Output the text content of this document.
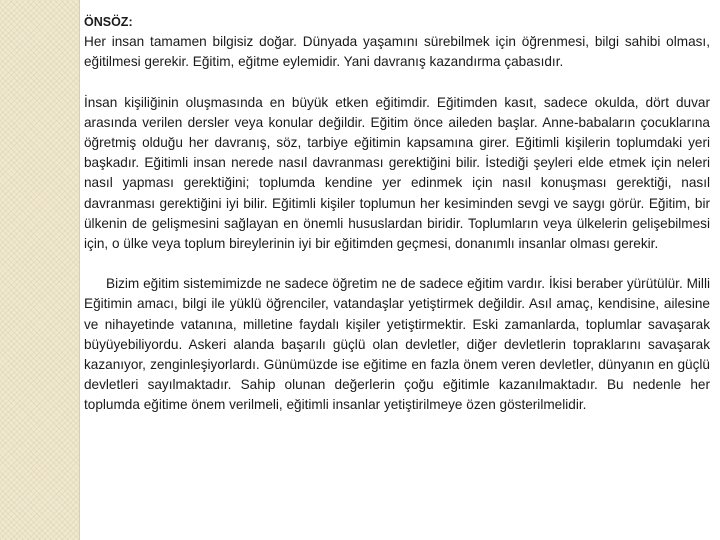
ÖNSÖZ:

Her insan tamamen bilgisiz doğar. Dünyada yaşamını sürebilmek için öğrenmesi, bilgi sahibi olması, eğitilmesi gerekir. Eğitim, eğitme eylemidir. Yani davranış kazandırma çabasıdır.

İnsan kişiliğinin oluşmasında en büyük etken eğitimdir. Eğitimden kasıt, sadece okulda, dört duvar arasında verilen dersler veya konular değildir. Eğitim önce aileden başlar. Anne-babaların çocuklarına öğretmiş olduğu her davranış, söz, tarbiye eğitimin kapsamına girer. Eğitimli kişilerin toplumdaki yeri başkadır. Eğitimli insan nerede nasıl davranması gerektiğini bilir. İstediği şeyleri elde etmek için neleri nasıl yapması gerektiğini; toplumda kendine yer edinmek için nasıl konuşması gerektiği, nasıl davranması gerektiğini iyi bilir. Eğitimli kişiler toplumun her kesiminden sevgi ve saygı görür. Eğitim, bir ülkenin de gelişmesini sağlayan en önemli hususlardan biridir. Toplumların veya ülkelerin gelişebilmesi için, o ülke veya toplum bireylerinin iyi bir eğitimden geçmesi, donanımlı insanlar olması gerekir.

Bizim eğitim sistemimizde ne sadece öğretim ne de sadece eğitim vardır. İkisi beraber yürütülür. Milli Eğitimin amacı, bilgi ile yüklü öğrenciler, vatandaşlar yetiştirmek değildir. Asıl amaç, kendisine, ailesine ve nihayetinde vatanına, milletine faydalı kişiler yetiştirmektir. Eski zamanlarda, toplumlar savaşarak büyüyebiliyordu. Askeri alanda başarılı güçlü olan devletler, diğer devletlerin topraklarını savaşarak kazanıyor, zenginleşiyorlardı. Günümüzde ise eğitime en fazla önem veren devletler, dünyanın en güçlü devletleri sayılmaktadır. Sahip olunan değerlerin çoğu eğitimle kazanılmaktadır. Bu nedenle her toplumda eğitime önem verilmeli, eğitimli insanlar yetiştirilmeye özen gösterilmelidir.
